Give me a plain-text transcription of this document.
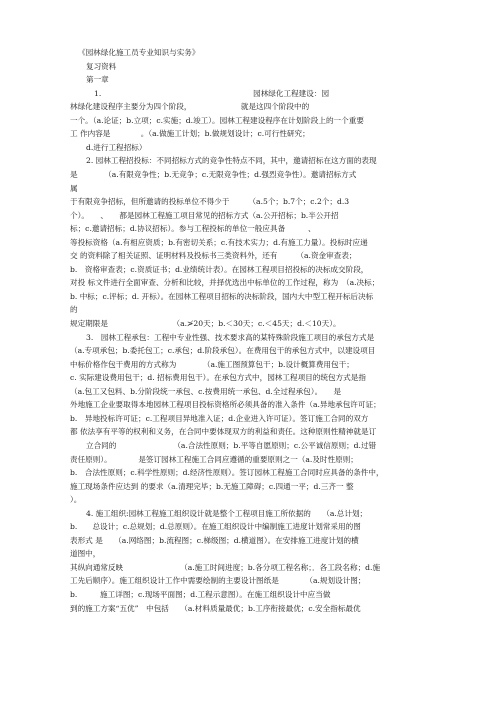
《园林绿化施工员专业知识与实务》
复习资料
第一章
1.　　　　　　　　　　　　　　　　　　　　园林绿化工程建设：园
林绿化建设程序主要分为四个阶段，　　　　　　　就是这四个阶段中的
一个。（a.论证；b.立项；c.实施；d.竣工）。园林工程建设程序在计划阶段上的一个重要
工 作内容是　　　　。（a.做施工计划；b.做规划设计；c.可行性研究；
d.进行工程招标）
2. 园林工程招投标：不同招标方式的竞争性特点不同，其中，邀请招标在这方面的表现
是　　　　（a.有限竞争性；b.无竞争；c.无限竞争性；d.强烈竞争性）。邀请招标方式
属
于有限竞争招标，但所邀请的投标单位不得少于　　　（a.5个；b.7个；c.2个；d.3
个）。　　、　　都是园林工程施工项目常见的招标方式（a.公开招标；b.半公开招
标；c.邀请招标；d.协议招标）。参与工程投标的单位一般应具备　　　、　　　
等投标资格（a.有相应资质；b.有密切关系；c.有技术实力；d.有施工力量）。投标时应递
交 的资料除了相关证照、证明材料及投标书三类资料外，还有　　　（a.资金审查表；
b.　资格审查表；c.资质证书；d.业绩统计表）。在园林工程项目招投标的决标成交阶段，
对投 标文件进行全面审查、分析和比较，并择优选出中标单位的工作过程，称为　（a.决标；
b. 中标；c.评标；d. 开标）。在园林工程项目招标的决标阶段，国内大中型工程开标后决标
的
规定期限是　　　　　　　　　（a.≯20天；b.＜30天；c.＜45天；d.＜10天）。
3.　园林工程承包：工程中专业性强、技术要求高的某特殊阶段施工项目的承包方式是
（a.专项承包；b.委托包工；c.承包；d.阶段承包）。在费用包干的承包方式中，以建设项目
中标价格作包干费用的方式称为　　　　（a.施工图预算包干；b.设计概算费用包干；
c. 实际建设费用包干；d. 招标费用包干）。在承包方式中，园林工程项目的统包方式是指
（a.包工又包料、b.分阶段统一承包、c.按费用统一承包、d.全过程承包）。　　是
外地施工企业要取得本地园林工程项目投标资格所必须具备的准入条件（a.异地承包许可证；
b.　异地投标许可证；c.工程项目异地准入证；d.企业进入许可证）。签订施工合同的双方
都 依法享有平等的权利和义务，在合同中要体现双方的利益和责任。这种原则性精神就是订
立合同的　　　　　　　　（a.合法性原则；b.平等自愿原则；c.公平诚信原则；d.过错
责任原则）。　　　　是签订园林工程施工合同应遵循的重要原则之一（a.及时性原则；
b.　合法性原则；c.科学性原则；d.经济性原则）。签订园林工程施工合同时应具备的条件中，
施工现场条件应达到 的要求（a.清理完毕；b.无施工障碍；c.四通一平；d.三齐一 整
）。
4. 施工组织:园林工程施工组织设计就是整个工程项目施工所依据的　　（a.总计划；
b.　　总设计；c.总规划；d.总原则）。在施工组织设计中编制施工进度计划常采用的图
表形式 是　　（a.网络图；b.流程图；c.梯级图；d.横道图）。在安排施工进度计划的横
道图中，
其纵向通常反映　　　　　　　　（a.施工时间进度；b.各分项工程名称；．各工段名称；d.施
工先后顺序）。施工组织设计工作中需要绘制的主要设计图纸是　　　　（a.规划设计图；
b.　　　施工详图；c.现场平面图；d.工程示意图）。在施工组织设计中应当做
到的施工方案“五优”　中包括　　（a.材料质量最优；b.工序衔接最优；c.安全指标最优
